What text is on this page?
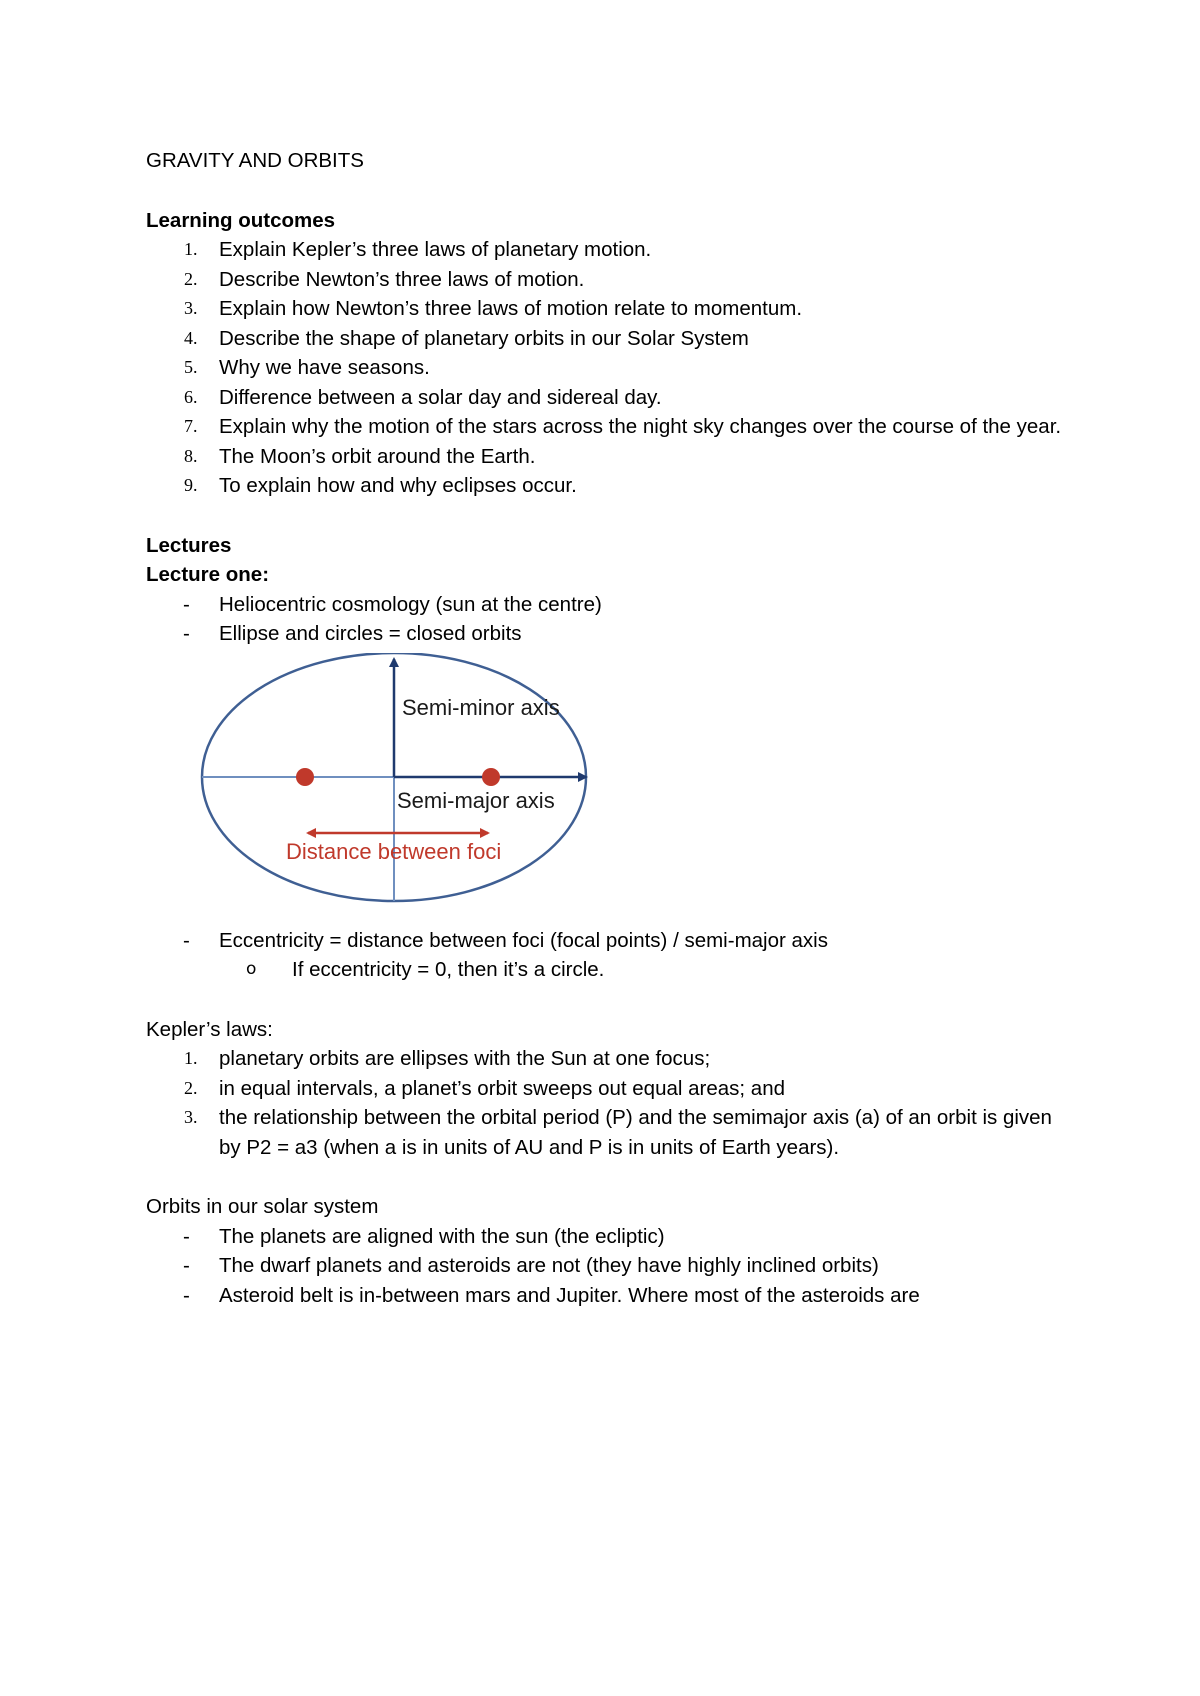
GRAVITY AND ORBITS

Learning outcomes

1. Explain Kepler’s three laws of planetary motion.
2. Describe Newton’s three laws of motion.
3. Explain how Newton’s three laws of motion relate to momentum.
4. Describe the shape of planetary orbits in our Solar System
5. Why we have seasons.
6. Difference between a solar day and sidereal day.
7. Explain why the motion of the stars across the night sky changes over the course of the year.
8. The Moon’s orbit around the Earth.
9. To explain how and why eclipses occur.

Lectures

Lecture one:

- Heliocentric cosmology (sun at the centre)
- Ellipse and circles = closed orbits
Semi-minor axis
Semi-major axis
Distance between foci
- Eccentricity = distance between foci (focal points) / semi-major axis
o If eccentricity = 0, then it’s a circle.

Kepler’s laws:

1. planetary orbits are ellipses with the Sun at one focus;
2. in equal intervals, a planet’s orbit sweeps out equal areas; and
3. the relationship between the orbital period (P) and the semimajor axis (a) of an orbit is given by P2 = a3 (when a is in units of AU and P is in units of Earth years).

Orbits in our solar system

- The planets are aligned with the sun (the ecliptic)
- The dwarf planets and asteroids are not (they have highly inclined orbits)
- Asteroid belt is in-between mars and Jupiter. Where most of the asteroids are
